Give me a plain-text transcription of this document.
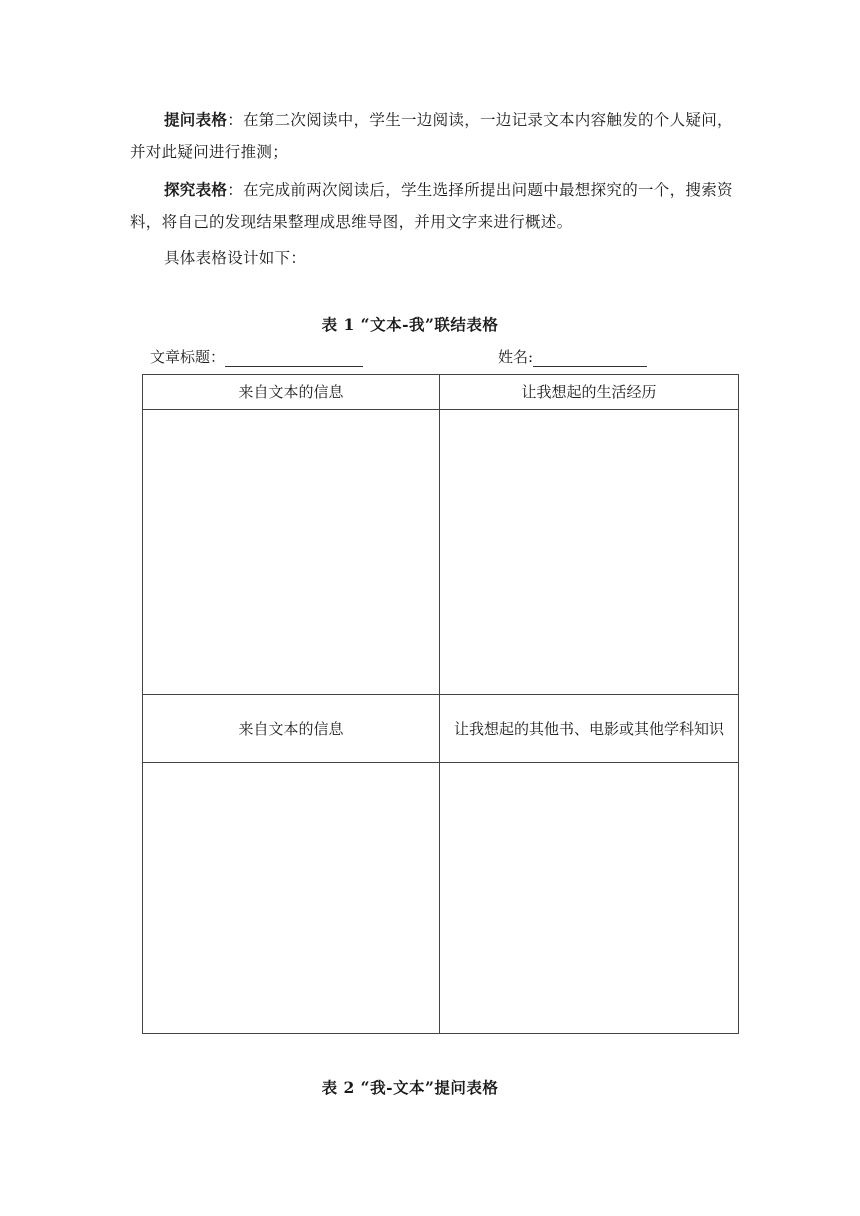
提问表格：在第二次阅读中，学生一边阅读，一边记录文本内容触发的个人疑问，并对此疑问进行推测；

探究表格：在完成前两次阅读后，学生选择所提出问题中最想探究的一个，搜索资料，将自己的发现结果整理成思维导图，并用文字来进行概述。

具体表格设计如下：

表 1 “文本-我”联结表格
文章标题：	姓名:
来自文本的信息	让我想起的生活经历

来自文本的信息	让我想起的其他书、电影或其他学科知识

表 2 “我-文本”提问表格
